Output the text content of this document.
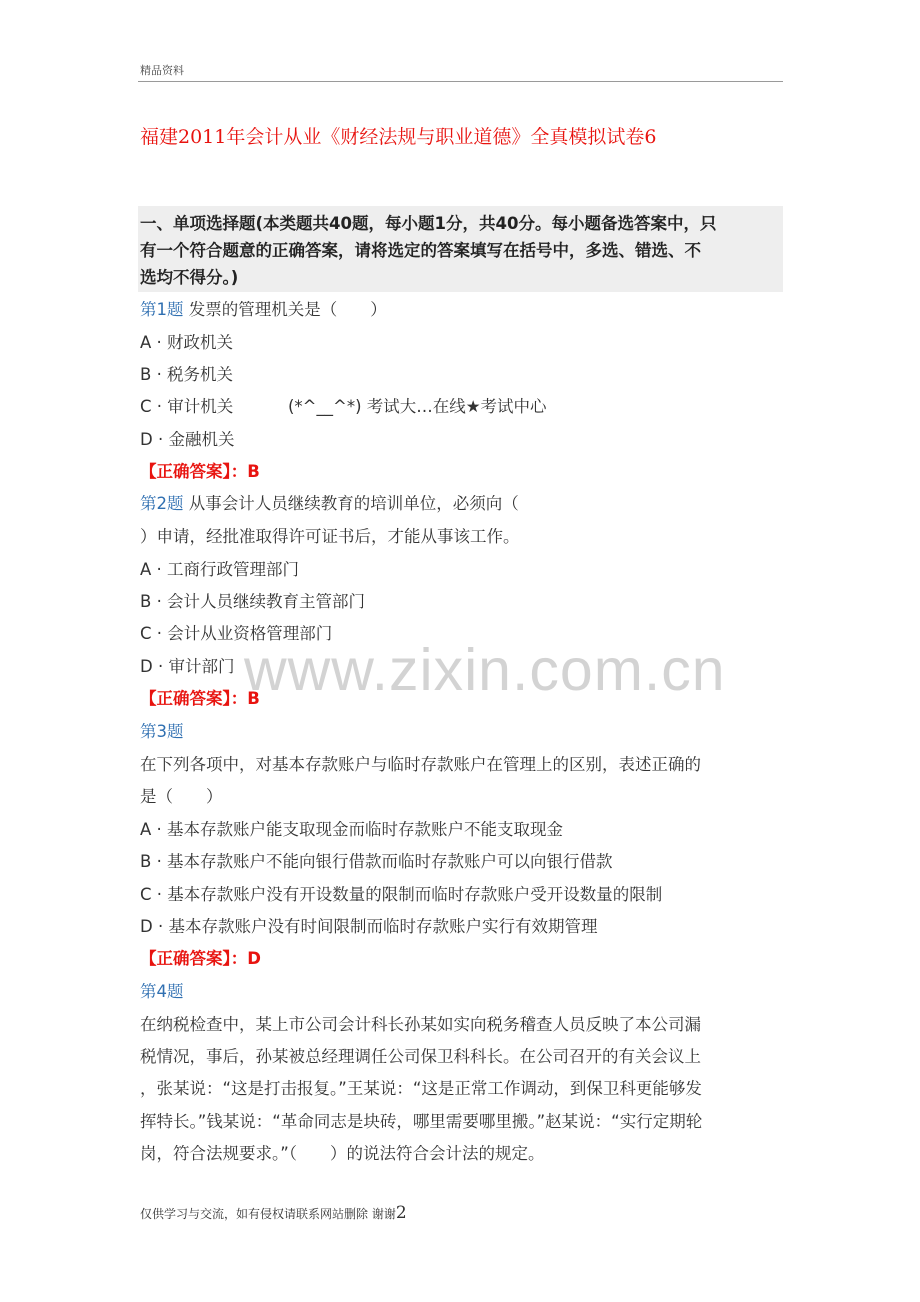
精品资料
福建2011年会计从业《财经法规与职业道德》全真模拟试卷6
一、单项选择题(本类题共40题，每小题1分，共40分。每小题备选答案中，只
有一个符合题意的正确答案，请将选定的答案填写在括号中，多选、错选、不
选均不得分。)
第1题 发票的管理机关是（　　）
A · 财政机关
B · 税务机关
C · 审计机关	(*^__^*) 考试大…在线★考试中心
D · 金融机关
【正确答案】：B
第2题 从事会计人员继续教育的培训单位，必须向（
）申请，经批准取得许可证书后，才能从事该工作。
A · 工商行政管理部门
B · 会计人员继续教育主管部门
C · 会计从业资格管理部门
D · 审计部门
【正确答案】：B
第3题
在下列各项中，对基本存款账户与临时存款账户在管理上的区别，表述正确的
是（　　）
A · 基本存款账户能支取现金而临时存款账户不能支取现金
B · 基本存款账户不能向银行借款而临时存款账户可以向银行借款
C · 基本存款账户没有开设数量的限制而临时存款账户受开设数量的限制
D · 基本存款账户没有时间限制而临时存款账户实行有效期管理
【正确答案】：D
第4题
在纳税检查中，某上市公司会计科长孙某如实向税务稽查人员反映了本公司漏
税情况，事后，孙某被总经理调任公司保卫科科长。在公司召开的有关会议上
，张某说：“这是打击报复。”王某说：“这是正常工作调动，到保卫科更能够发
挥特长。”钱某说：“革命同志是块砖，哪里需要哪里搬。”赵某说：“实行定期轮
岗，符合法规要求。”（　　）的说法符合会计法的规定。
www.zixin.com.cn
仅供学习与交流，如有侵权请联系网站删除 谢谢2
